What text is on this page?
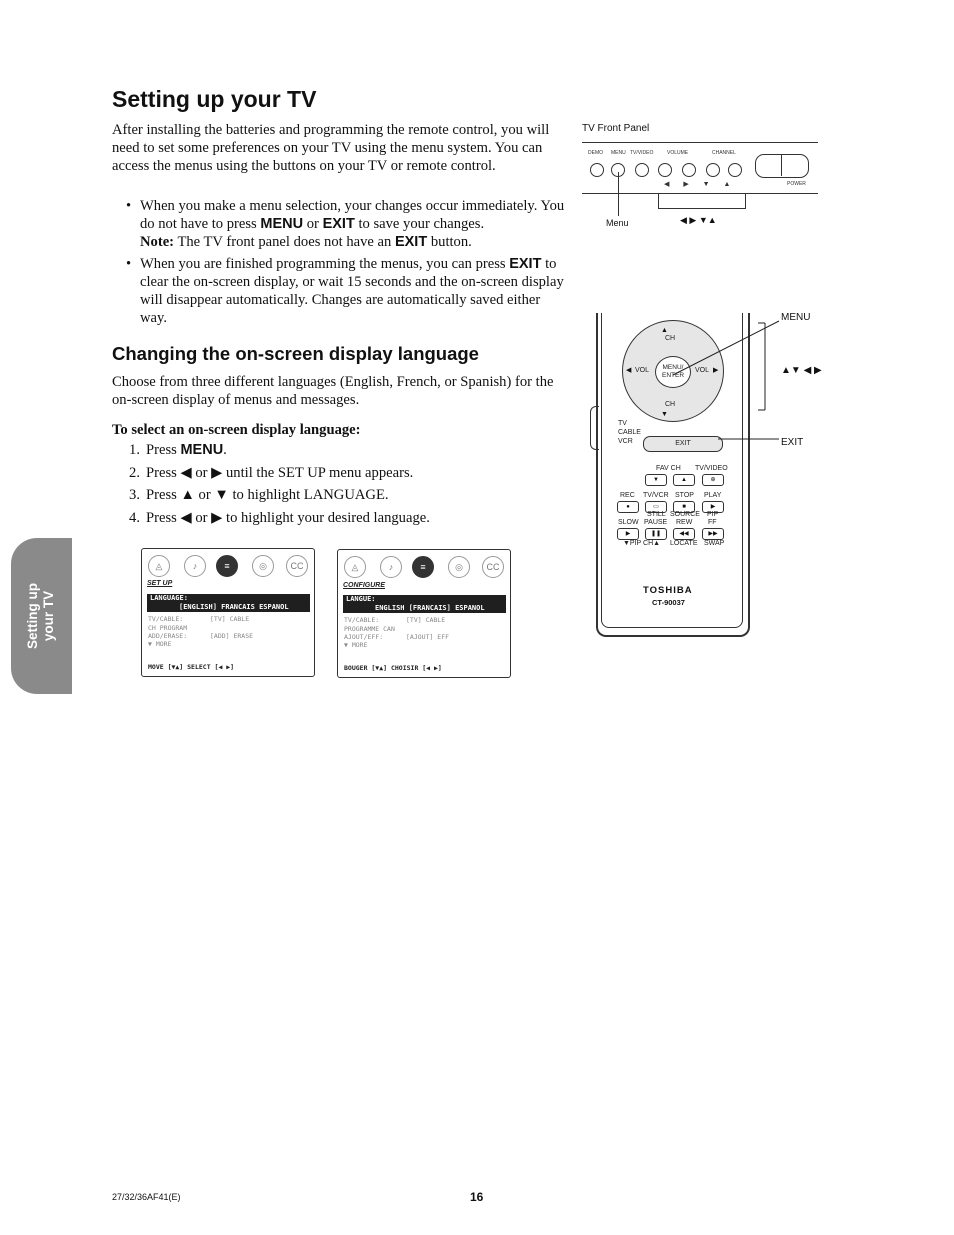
Setting up your TV

After installing the batteries and programming the remote control, you will need to set some preferences on your TV using the menu system. You can access the menus using the buttons on your TV or remote control.

• When you make a menu selection, your changes occur immediately. You do not have to press MENU or EXIT to save your changes.
Note: The TV front panel does not have an EXIT button.
• When you are finished programming the menus, you can press EXIT to clear the on-screen display, or wait 15 seconds and the on-screen display will disappear automatically. Changes are automatically saved either way.
Changing the on-screen display language

Choose from three different languages (English, French, or Spanish) for the on-screen display of menus and messages.

To select an on-screen display language:
1. Press MENU.
2. Press ◀ or ▶ until the SET UP menu appears.
3. Press ▲ or ▼ to highlight LANGUAGE.
4. Press ◀ or ▶ to highlight your desired language.
Setting up your TV
TV Front Panel
DEMO MENU TV/VIDEO	VOLUME	CHANNEL
◀ ▶ ▼ ▲	POWER
Menu	◀ ▶ ▼▲
▲
CH
▼
CH
◀ VOL	▶
VOL
MENU/
ENTER
TV
CABLE
VCR	EXIT
FAV CH TV/VIDEO
▼	▲	⊕
REC TV/VCR STOP PLAY
●	▭	■	▶
STILL SOURCE PIP
SLOW PAUSE REW FF
▶	❚❚	◀◀	▶▶
▼PIP CH▲ LOCATE SWAP
TOSHIBA
CT-90037
MENU
▲▼ ◀ ▶
EXIT
◬	♪	≡	◎	CC
SET UP
LANGUAGE:
[ENGLISH] FRANCAIS ESPANOL
TV/CABLE:	[TV] CABLE
CH PROGRAM
ADD/ERASE:	[ADD] ERASE
▼ MORE
MOVE [▼▲] SELECT [◀ ▶]
◬	♪	≡	◎	CC
CONFIGURE
LANGUE:
ENGLISH [FRANCAIS] ESPANOL
TV/CABLE:	[TV] CABLE
PROGRAMME CAN
AJOUT/EFF:	[AJOUT] EFF
▼ MORE
BOUGER [▼▲] CHOISIR [◀ ▶]
27/32/36AF41(E)	16
